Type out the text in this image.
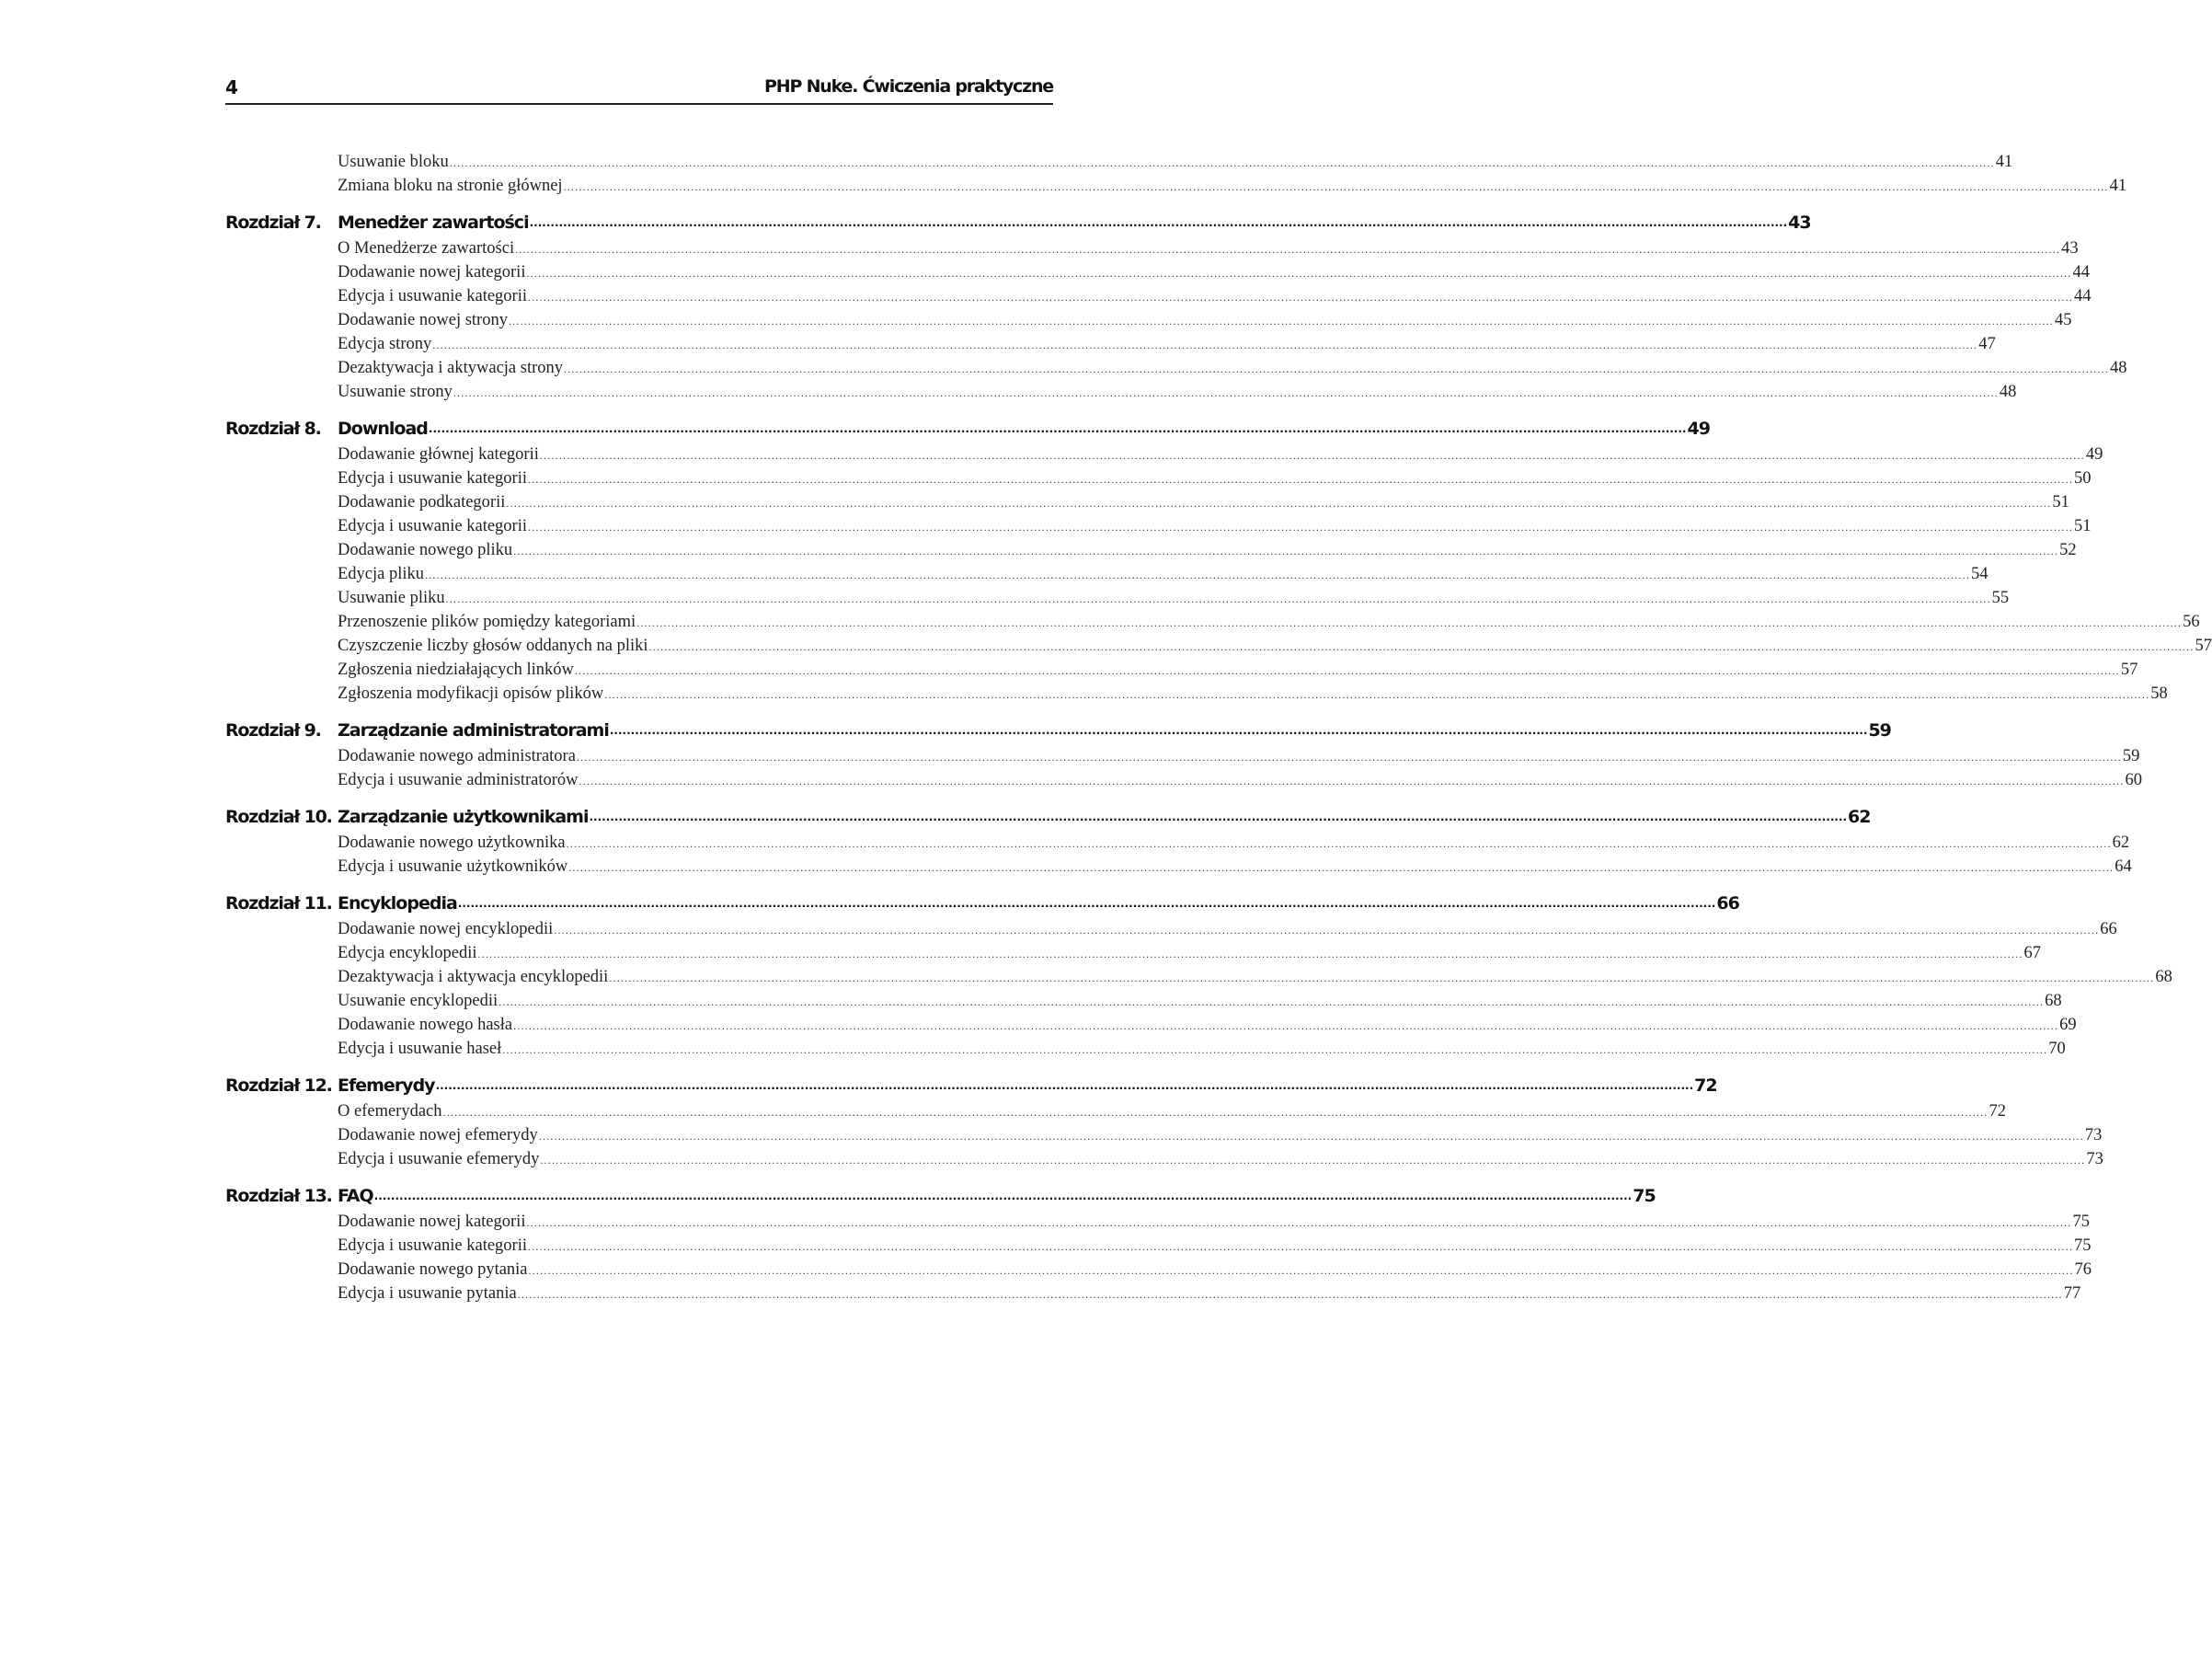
4	PHP Nuke. Ćwiczenia praktyczne
Usuwanie bloku ................................................................................................................................................................................................................................................................................................................................................................................................................ 41
Zmiana bloku na stronie głównej ................................................................................................................................................................................................................................................................................................................................................................................................................ 41
Rozdział 7. Menedżer zawartości ............................................................................................................................................................................................................................................................................................................ 43
O Menedżerze zawartości ................................................................................................................................................................................................................................................................................................................................................................................................................ 43
Dodawanie nowej kategorii ................................................................................................................................................................................................................................................................................................................................................................................................................ 44
Edycja i usuwanie kategorii ................................................................................................................................................................................................................................................................................................................................................................................................................ 44
Dodawanie nowej strony ................................................................................................................................................................................................................................................................................................................................................................................................................ 45
Edycja strony ................................................................................................................................................................................................................................................................................................................................................................................................................ 47
Dezaktywacja i aktywacja strony ................................................................................................................................................................................................................................................................................................................................................................................................................ 48
Usuwanie strony ................................................................................................................................................................................................................................................................................................................................................................................................................ 48
Rozdział 8. Download ............................................................................................................................................................................................................................................................................................................ 49
Dodawanie głównej kategorii ................................................................................................................................................................................................................................................................................................................................................................................................................ 49
Edycja i usuwanie kategorii ................................................................................................................................................................................................................................................................................................................................................................................................................ 50
Dodawanie podkategorii ................................................................................................................................................................................................................................................................................................................................................................................................................ 51
Edycja i usuwanie kategorii ................................................................................................................................................................................................................................................................................................................................................................................................................ 51
Dodawanie nowego pliku ................................................................................................................................................................................................................................................................................................................................................................................................................ 52
Edycja pliku ................................................................................................................................................................................................................................................................................................................................................................................................................ 54
Usuwanie pliku ................................................................................................................................................................................................................................................................................................................................................................................................................ 55
Przenoszenie plików pomiędzy kategoriami ................................................................................................................................................................................................................................................................................................................................................................................................................ 56
Czyszczenie liczby głosów oddanych na pliki ................................................................................................................................................................................................................................................................................................................................................................................................................ 57
Zgłoszenia niedziałających linków ................................................................................................................................................................................................................................................................................................................................................................................................................ 57
Zgłoszenia modyfikacji opisów plików ................................................................................................................................................................................................................................................................................................................................................................................................................ 58
Rozdział 9. Zarządzanie administratorami ............................................................................................................................................................................................................................................................................................................ 59
Dodawanie nowego administratora ................................................................................................................................................................................................................................................................................................................................................................................................................ 59
Edycja i usuwanie administratorów ................................................................................................................................................................................................................................................................................................................................................................................................................ 60
Rozdział 10. Zarządzanie użytkownikami ............................................................................................................................................................................................................................................................................................................ 62
Dodawanie nowego użytkownika ................................................................................................................................................................................................................................................................................................................................................................................................................ 62
Edycja i usuwanie użytkowników ................................................................................................................................................................................................................................................................................................................................................................................................................ 64
Rozdział 11. Encyklopedia ............................................................................................................................................................................................................................................................................................................ 66
Dodawanie nowej encyklopedii ................................................................................................................................................................................................................................................................................................................................................................................................................ 66
Edycja encyklopedii ................................................................................................................................................................................................................................................................................................................................................................................................................ 67
Dezaktywacja i aktywacja encyklopedii ................................................................................................................................................................................................................................................................................................................................................................................................................ 68
Usuwanie encyklopedii ................................................................................................................................................................................................................................................................................................................................................................................................................ 68
Dodawanie nowego hasła ................................................................................................................................................................................................................................................................................................................................................................................................................ 69
Edycja i usuwanie haseł ................................................................................................................................................................................................................................................................................................................................................................................................................ 70
Rozdział 12. Efemerydy ............................................................................................................................................................................................................................................................................................................ 72
O efemerydach ................................................................................................................................................................................................................................................................................................................................................................................................................ 72
Dodawanie nowej efemerydy ................................................................................................................................................................................................................................................................................................................................................................................................................ 73
Edycja i usuwanie efemerydy ................................................................................................................................................................................................................................................................................................................................................................................................................ 73
Rozdział 13. FAQ ............................................................................................................................................................................................................................................................................................................ 75
Dodawanie nowej kategorii ................................................................................................................................................................................................................................................................................................................................................................................................................ 75
Edycja i usuwanie kategorii ................................................................................................................................................................................................................................................................................................................................................................................................................ 75
Dodawanie nowego pytania ................................................................................................................................................................................................................................................................................................................................................................................................................ 76
Edycja i usuwanie pytania ................................................................................................................................................................................................................................................................................................................................................................................................................ 77
